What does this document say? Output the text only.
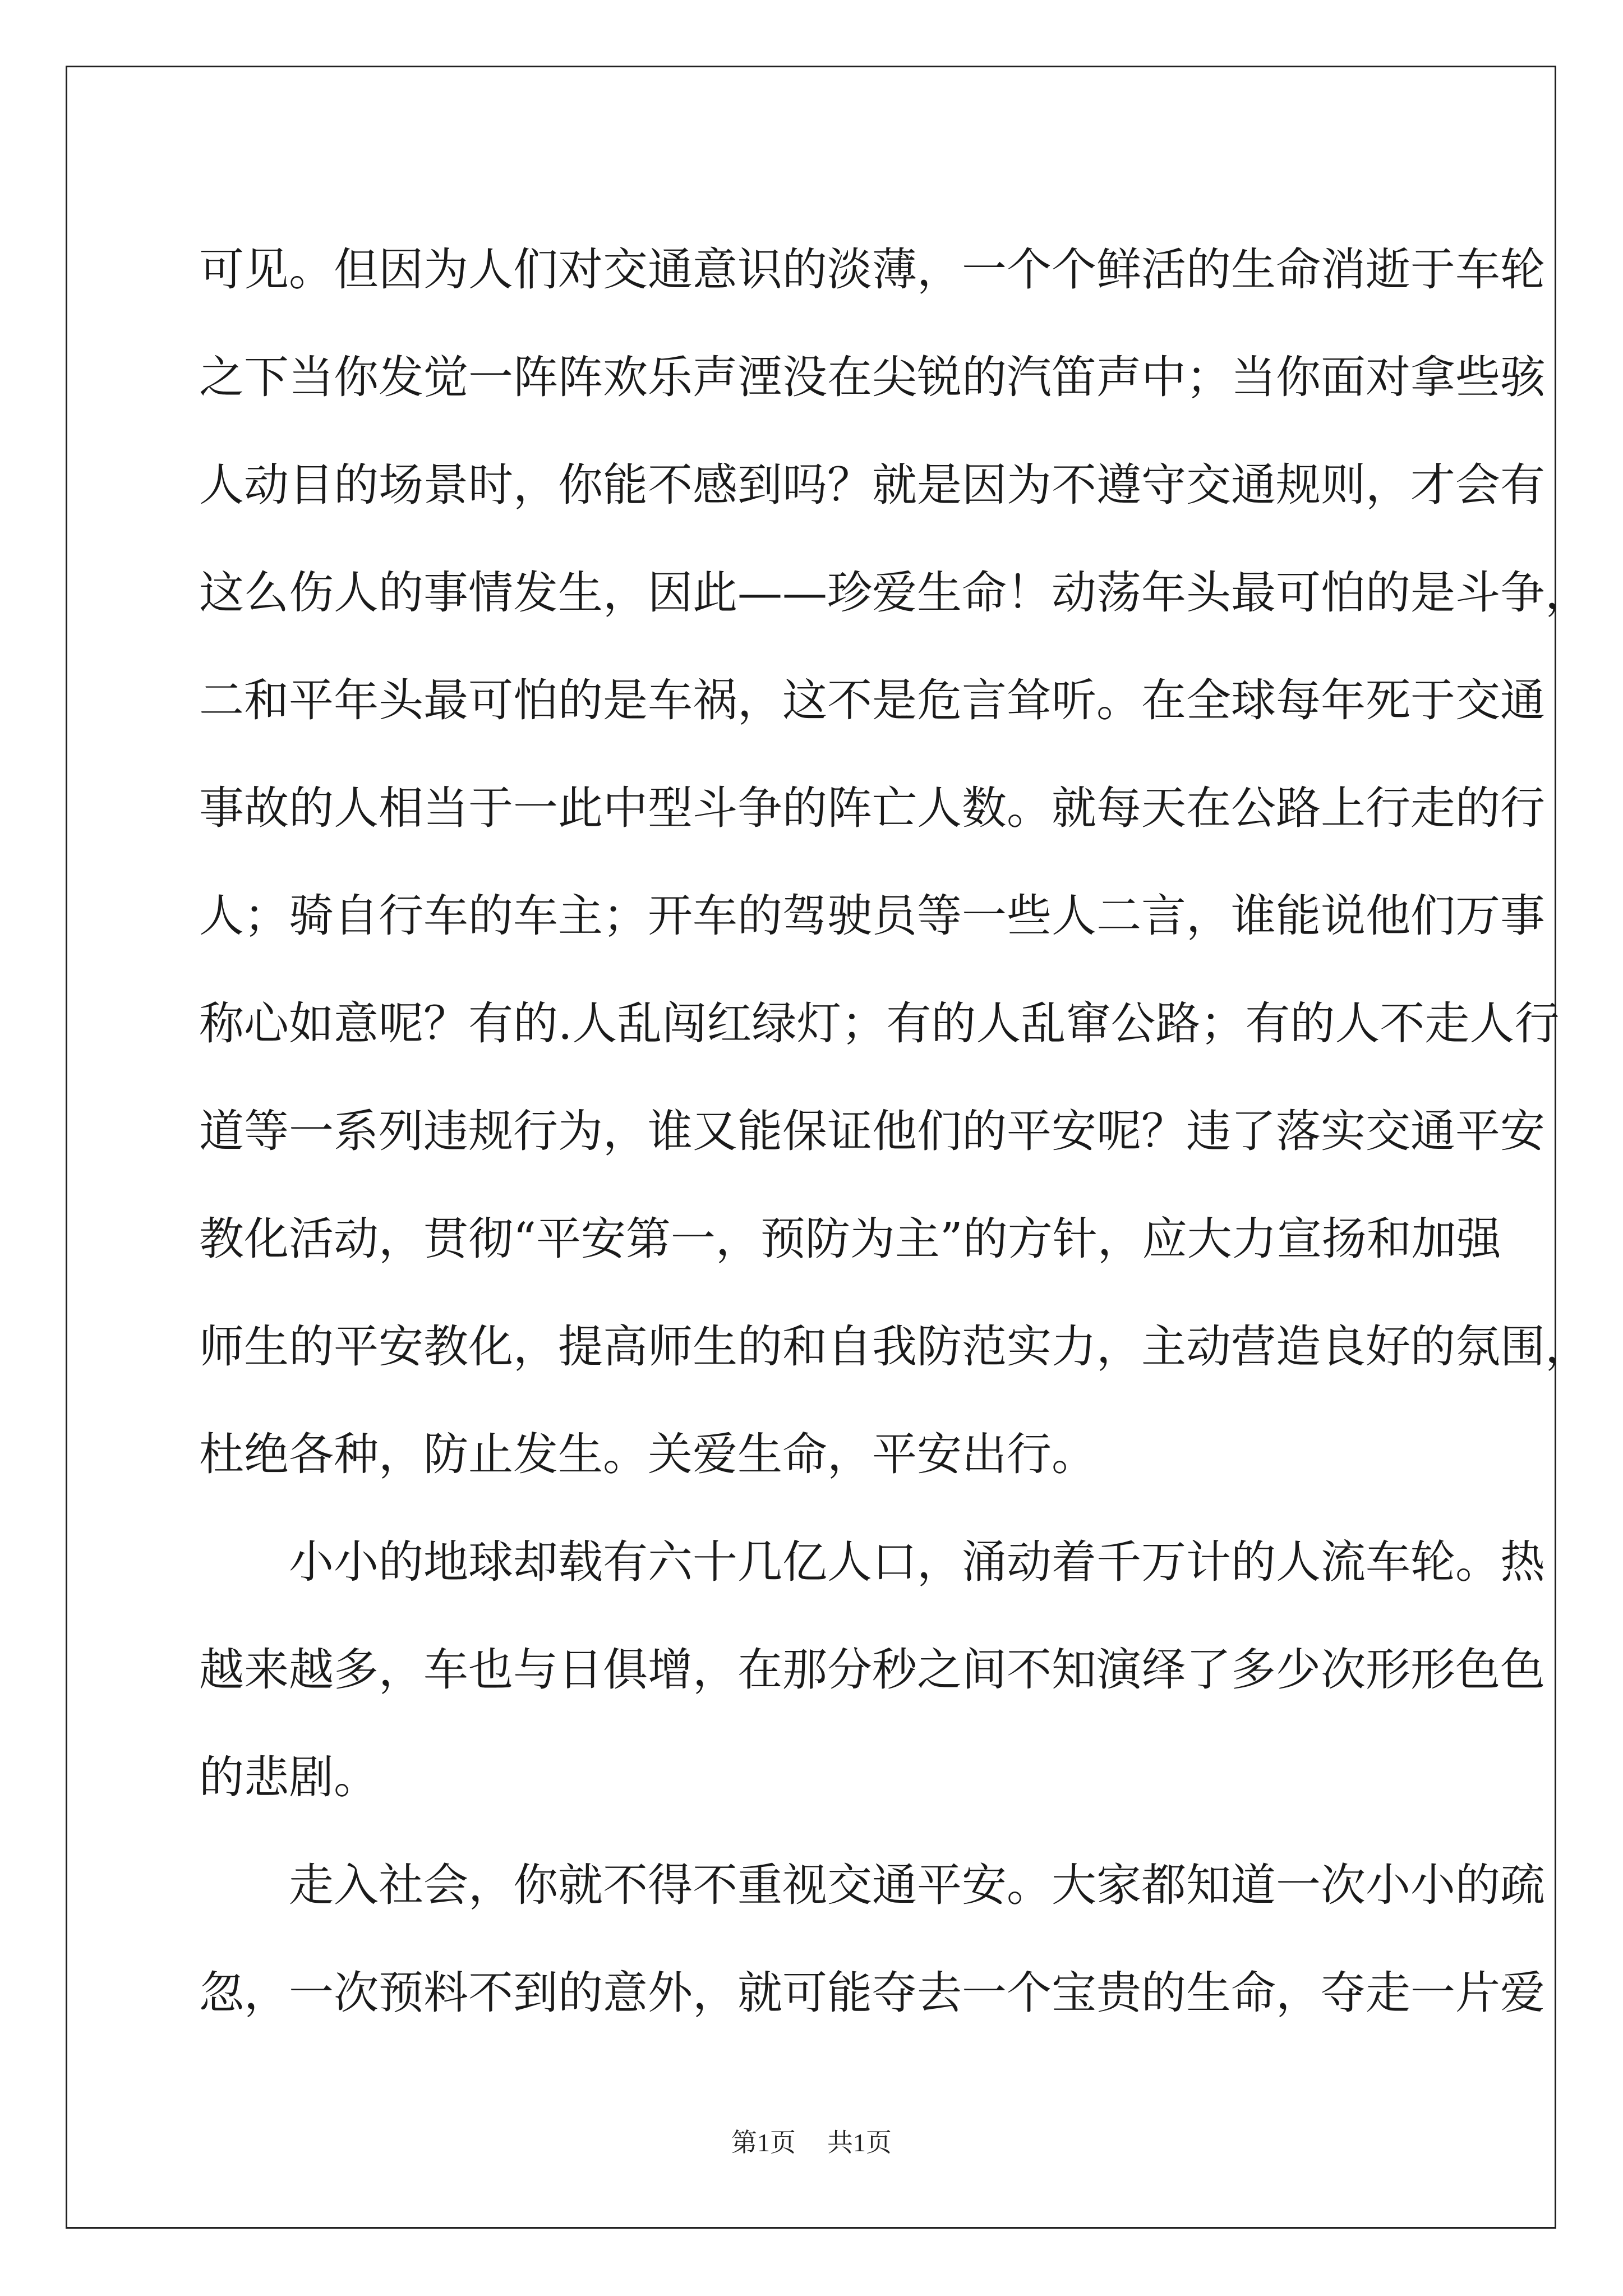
可见。但因为人们对交通意识的淡薄，一个个鲜活的生命消逝于车轮
之下当你发觉一阵阵欢乐声湮没在尖锐的汽笛声中；当你面对拿些骇
人动目的场景时，你能不感到吗？就是因为不遵守交通规则，才会有
这么伤人的事情发生，因此——珍爱生命！动荡年头最可怕的是斗争，
二和平年头最可怕的是车祸，这不是危言耸听。在全球每年死于交通
事故的人相当于一此中型斗争的阵亡人数。就每天在公路上行走的行
人；骑自行车的车主；开车的驾驶员等一些人二言，谁能说他们万事
称心如意呢？有的.人乱闯红绿灯；有的人乱窜公路；有的人不走人行
道等一系列违规行为，谁又能保证他们的平安呢？违了落实交通平安
教化活动，贯彻“平安第一，预防为主”的方针，应大力宣扬和加强
师生的平安教化，提高师生的和自我防范实力，主动营造良好的氛围，
杜绝各种，防止发生。关爱生命，平安出行。
小小的地球却载有六十几亿人口，涌动着千万计的人流车轮。热
越来越多，车也与日俱增，在那分秒之间不知演绎了多少次形形色色
的悲剧。
走入社会，你就不得不重视交通平安。大家都知道一次小小的疏
忽，一次预料不到的意外，就可能夺去一个宝贵的生命，夺走一片爱
第1页 共1页
